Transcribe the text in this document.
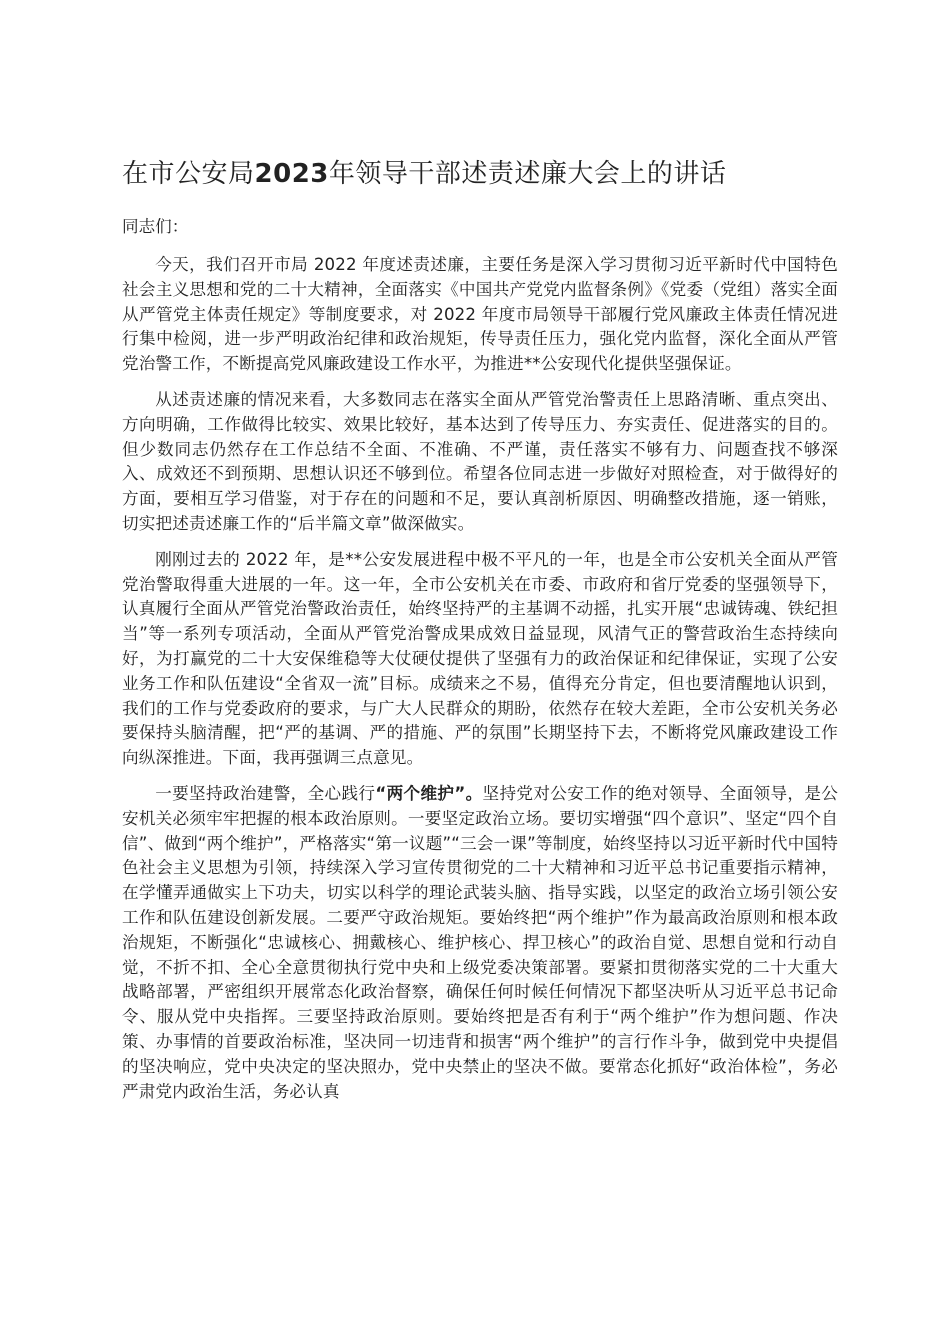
在市公安局2023年领导干部述责述廉大会上的讲话

同志们：

今天，我们召开市局 2022 年度述责述廉，主要任务是深入学习贯彻习近平新时代中国特色社会主义思想和党的二十大精神，全面落实《中国共产党党内监督条例》《党委（党组）落实全面从严管党主体责任规定》等制度要求，对 2022 年度市局领导干部履行党风廉政主体责任情况进行集中检阅，进一步严明政治纪律和政治规矩，传导责任压力，强化党内监督，深化全面从严管党治警工作，不断提高党风廉政建设工作水平，为推进**公安现代化提供坚强保证。

从述责述廉的情况来看，大多数同志在落实全面从严管党治警责任上思路清晰、重点突出、方向明确，工作做得比较实、效果比较好，基本达到了传导压力、夯实责任、促进落实的目的。但少数同志仍然存在工作总结不全面、不准确、不严谨，责任落实不够有力、问题查找不够深入、成效还不到预期、思想认识还不够到位。希望各位同志进一步做好对照检查，对于做得好的方面，要相互学习借鉴，对于存在的问题和不足，要认真剖析原因、明确整改措施，逐一销账，切实把述责述廉工作的“后半篇文章”做深做实。

刚刚过去的 2022 年，是**公安发展进程中极不平凡的一年，也是全市公安机关全面从严管党治警取得重大进展的一年。这一年，全市公安机关在市委、市政府和省厅党委的坚强领导下，认真履行全面从严管党治警政治责任，始终坚持严的主基调不动摇，扎实开展“忠诚铸魂、铁纪担当”等一系列专项活动，全面从严管党治警成果成效日益显现，风清气正的警营政治生态持续向好，为打赢党的二十大安保维稳等大仗硬仗提供了坚强有力的政治保证和纪律保证，实现了公安业务工作和队伍建设“全省双一流”目标。成绩来之不易，值得充分肯定，但也要清醒地认识到，我们的工作与党委政府的要求，与广大人民群众的期盼，依然存在较大差距，全市公安机关务必要保持头脑清醒，把“严的基调、严的措施、严的氛围”长期坚持下去，不断将党风廉政建设工作向纵深推进。下面，我再强调三点意见。

一要坚持政治建警，全心践行“两个维护”。坚持党对公安工作的绝对领导、全面领导，是公安机关必须牢牢把握的根本政治原则。一要坚定政治立场。要切实增强“四个意识”、坚定“四个自信”、做到“两个维护”，严格落实“第一议题”“三会一课”等制度，始终坚持以习近平新时代中国特色社会主义思想为引领，持续深入学习宣传贯彻党的二十大精神和习近平总书记重要指示精神，在学懂弄通做实上下功夫，切实以科学的理论武装头脑、指导实践，以坚定的政治立场引领公安工作和队伍建设创新发展。二要严守政治规矩。要始终把“两个维护”作为最高政治原则和根本政治规矩，不断强化“忠诚核心、拥戴核心、维护核心、捍卫核心”的政治自觉、思想自觉和行动自觉，不折不扣、全心全意贯彻执行党中央和上级党委决策部署。要紧扣贯彻落实党的二十大重大战略部署，严密组织开展常态化政治督察，确保任何时候任何情况下都坚决听从习近平总书记命令、服从党中央指挥。三要坚持政治原则。要始终把是否有利于“两个维护”作为想问题、作决策、办事情的首要政治标准，坚决同一切违背和损害“两个维护”的言行作斗争，做到党中央提倡的坚决响应，党中央决定的坚决照办，党中央禁止的坚决不做。要常态化抓好“政治体检”，务必严肃党内政治生活，务必认真
